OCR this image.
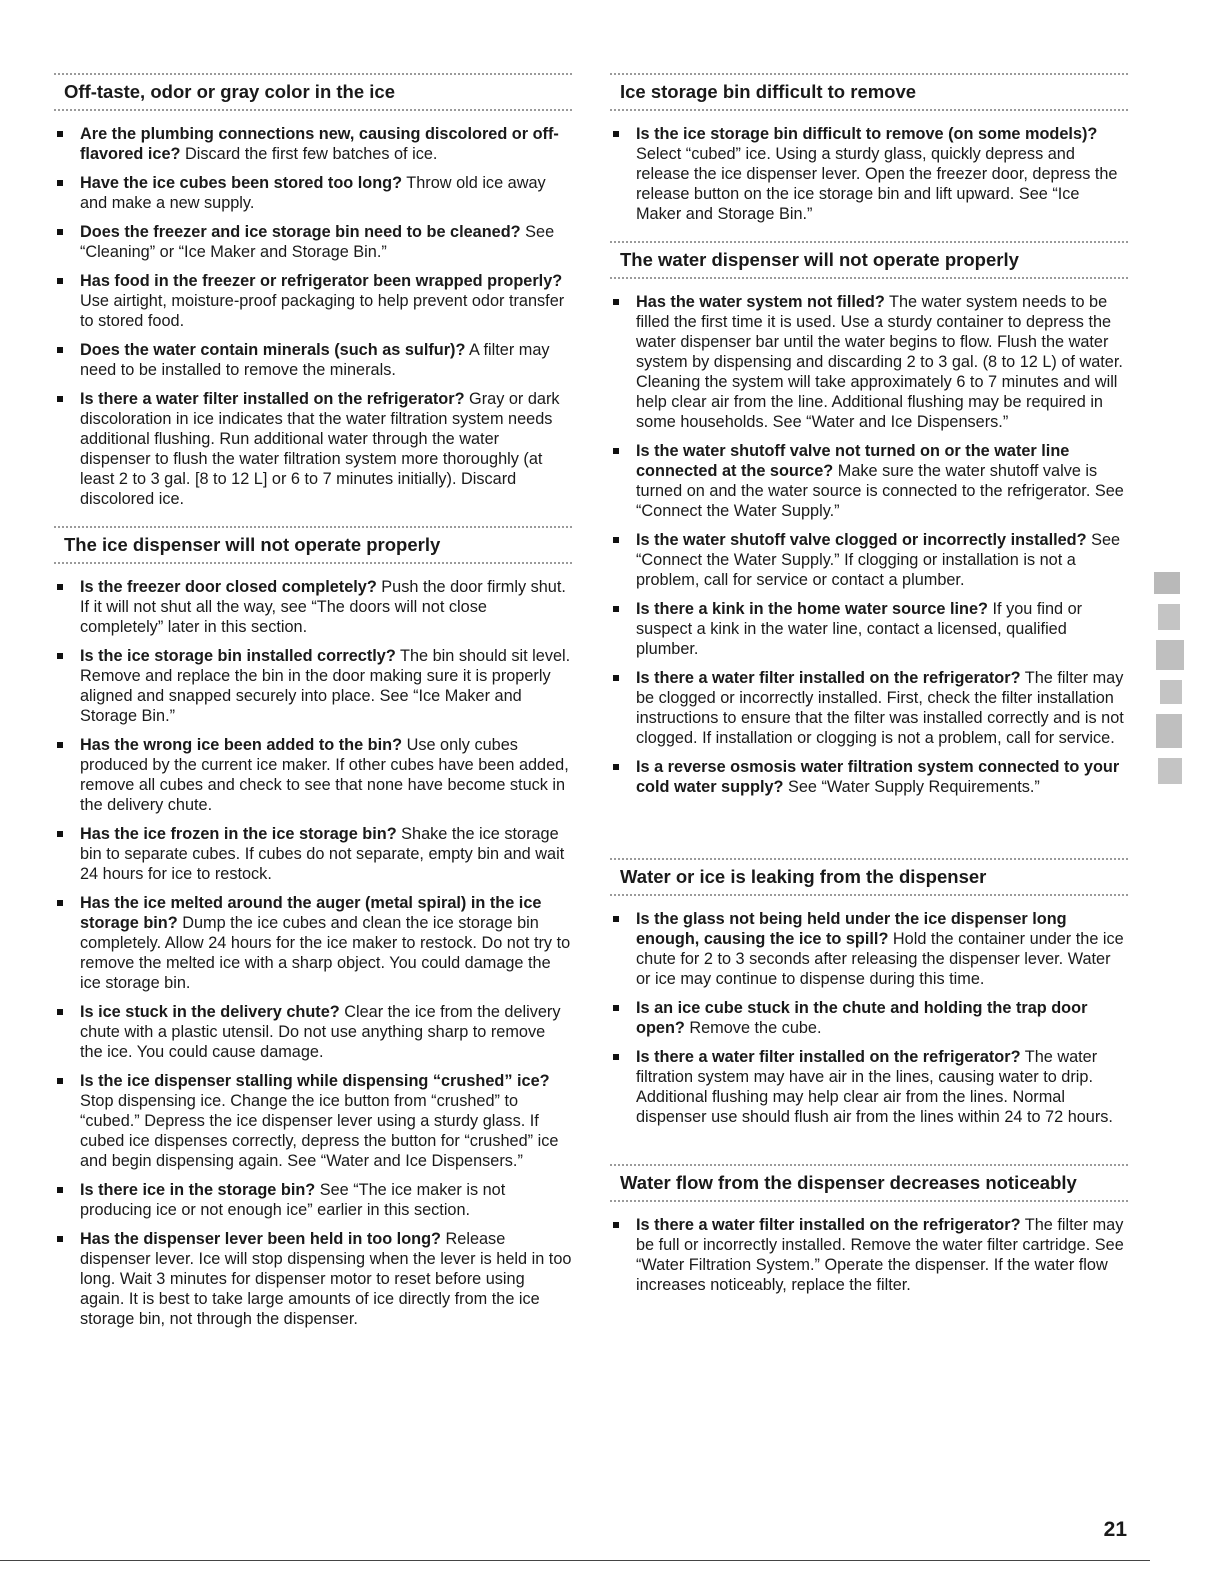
Off-taste, odor or gray color in the ice
Are the plumbing connections new, causing discolored or off-flavored ice? Discard the first few batches of ice.
Have the ice cubes been stored too long? Throw old ice away and make a new supply.
Does the freezer and ice storage bin need to be cleaned? See “Cleaning” or “Ice Maker and Storage Bin.”
Has food in the freezer or refrigerator been wrapped properly? Use airtight, moisture-proof packaging to help prevent odor transfer to stored food.
Does the water contain minerals (such as sulfur)? A filter may need to be installed to remove the minerals.
Is there a water filter installed on the refrigerator? Gray or dark discoloration in ice indicates that the water filtration system needs additional flushing. Run additional water through the water dispenser to flush the water filtration system more thoroughly (at least 2 to 3 gal. [8 to 12 L] or 6 to 7 minutes initially). Discard discolored ice.
The ice dispenser will not operate properly
Is the freezer door closed completely? Push the door firmly shut. If it will not shut all the way, see “The doors will not close completely” later in this section.
Is the ice storage bin installed correctly? The bin should sit level. Remove and replace the bin in the door making sure it is properly aligned and snapped securely into place. See “Ice Maker and Storage Bin.”
Has the wrong ice been added to the bin? Use only cubes produced by the current ice maker. If other cubes have been added, remove all cubes and check to see that none have become stuck in the delivery chute.
Has the ice frozen in the ice storage bin? Shake the ice storage bin to separate cubes. If cubes do not separate, empty bin and wait 24 hours for ice to restock.
Has the ice melted around the auger (metal spiral) in the ice storage bin? Dump the ice cubes and clean the ice storage bin completely. Allow 24 hours for the ice maker to restock. Do not try to remove the melted ice with a sharp object. You could damage the ice storage bin.
Is ice stuck in the delivery chute? Clear the ice from the delivery chute with a plastic utensil. Do not use anything sharp to remove the ice. You could cause damage.
Is the ice dispenser stalling while dispensing “crushed” ice? Stop dispensing ice. Change the ice button from “crushed” to “cubed.” Depress the ice dispenser lever using a sturdy glass. If cubed ice dispenses correctly, depress the button for “crushed” ice and begin dispensing again. See “Water and Ice Dispensers.”
Is there ice in the storage bin? See “The ice maker is not producing ice or not enough ice” earlier in this section.
Has the dispenser lever been held in too long? Release dispenser lever. Ice will stop dispensing when the lever is held in too long. Wait 3 minutes for dispenser motor to reset before using again. It is best to take large amounts of ice directly from the ice storage bin, not through the dispenser.
Ice storage bin difficult to remove
Is the ice storage bin difficult to remove (on some models)? Select “cubed” ice. Using a sturdy glass, quickly depress and release the ice dispenser lever. Open the freezer door, depress the release button on the ice storage bin and lift upward. See “Ice Maker and Storage Bin.”
The water dispenser will not operate properly
Has the water system not filled? The water system needs to be filled the first time it is used. Use a sturdy container to depress the water dispenser bar until the water begins to flow. Flush the water system by dispensing and discarding 2 to 3 gal. (8 to 12 L) of water. Cleaning the system will take approximately 6 to 7 minutes and will help clear air from the line. Additional flushing may be required in some households. See “Water and Ice Dispensers.”
Is the water shutoff valve not turned on or the water line connected at the source? Make sure the water shutoff valve is turned on and the water source is connected to the refrigerator. See “Connect the Water Supply.”
Is the water shutoff valve clogged or incorrectly installed? See “Connect the Water Supply.” If clogging or installation is not a problem, call for service or contact a plumber.
Is there a kink in the home water source line? If you find or suspect a kink in the water line, contact a licensed, qualified plumber.
Is there a water filter installed on the refrigerator? The filter may be clogged or incorrectly installed. First, check the filter installation instructions to ensure that the filter was installed correctly and is not clogged. If installation or clogging is not a problem, call for service.
Is a reverse osmosis water filtration system connected to your cold water supply? See “Water Supply Requirements.”
Water or ice is leaking from the dispenser
Is the glass not being held under the ice dispenser long enough, causing the ice to spill? Hold the container under the ice chute for 2 to 3 seconds after releasing the dispenser lever. Water or ice may continue to dispense during this time.
Is an ice cube stuck in the chute and holding the trap door open? Remove the cube.
Is there a water filter installed on the refrigerator? The water filtration system may have air in the lines, causing water to drip. Additional flushing may help clear air from the lines. Normal dispenser use should flush air from the lines within 24 to 72 hours.
Water flow from the dispenser decreases noticeably
Is there a water filter installed on the refrigerator? The filter may be full or incorrectly installed. Remove the water filter cartridge. See “Water Filtration System.” Operate the dispenser. If the water flow increases noticeably, replace the filter.
21
